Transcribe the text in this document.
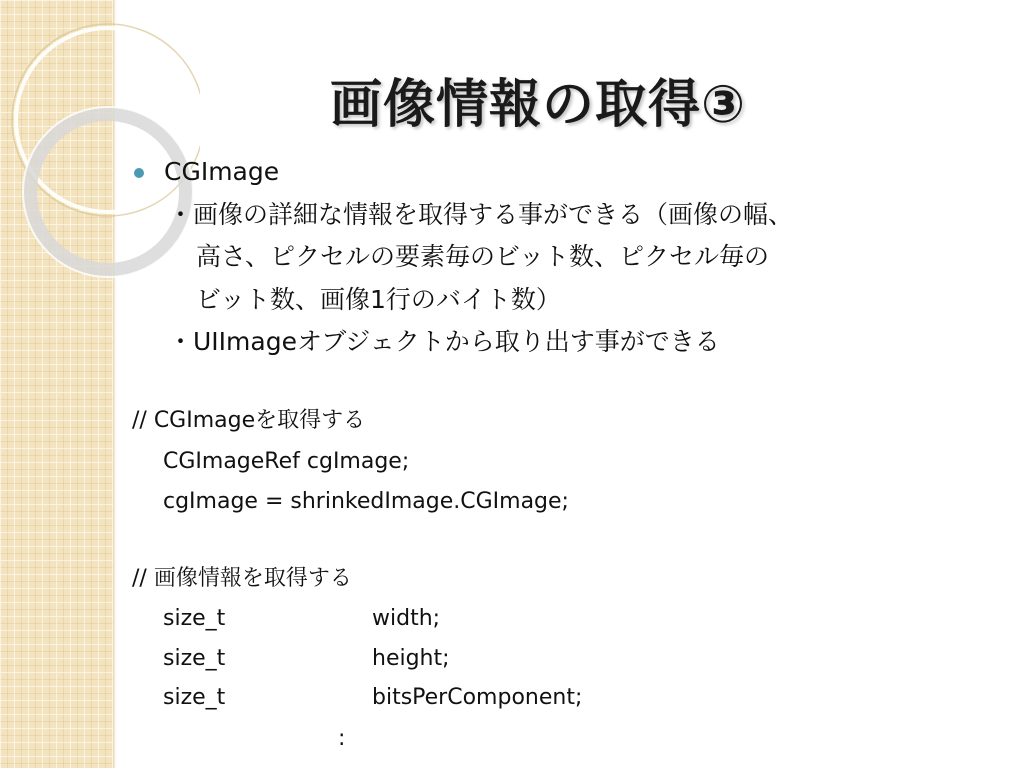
画像情報の取得③
CGImage
・画像の詳細な情報を取得する事ができる（画像の幅、
高さ、ピクセルの要素毎のビット数、ピクセル毎の
ビット数、画像1行のバイト数）
・UIImageオブジェクトから取り出す事ができる
// CGImageを取得する
CGImageRef cgImage;
cgImage = shrinkedImage.CGImage;
// 画像情報を取得する
size_t	width;
size_t	height;
size_t	bitsPerComponent;
:
